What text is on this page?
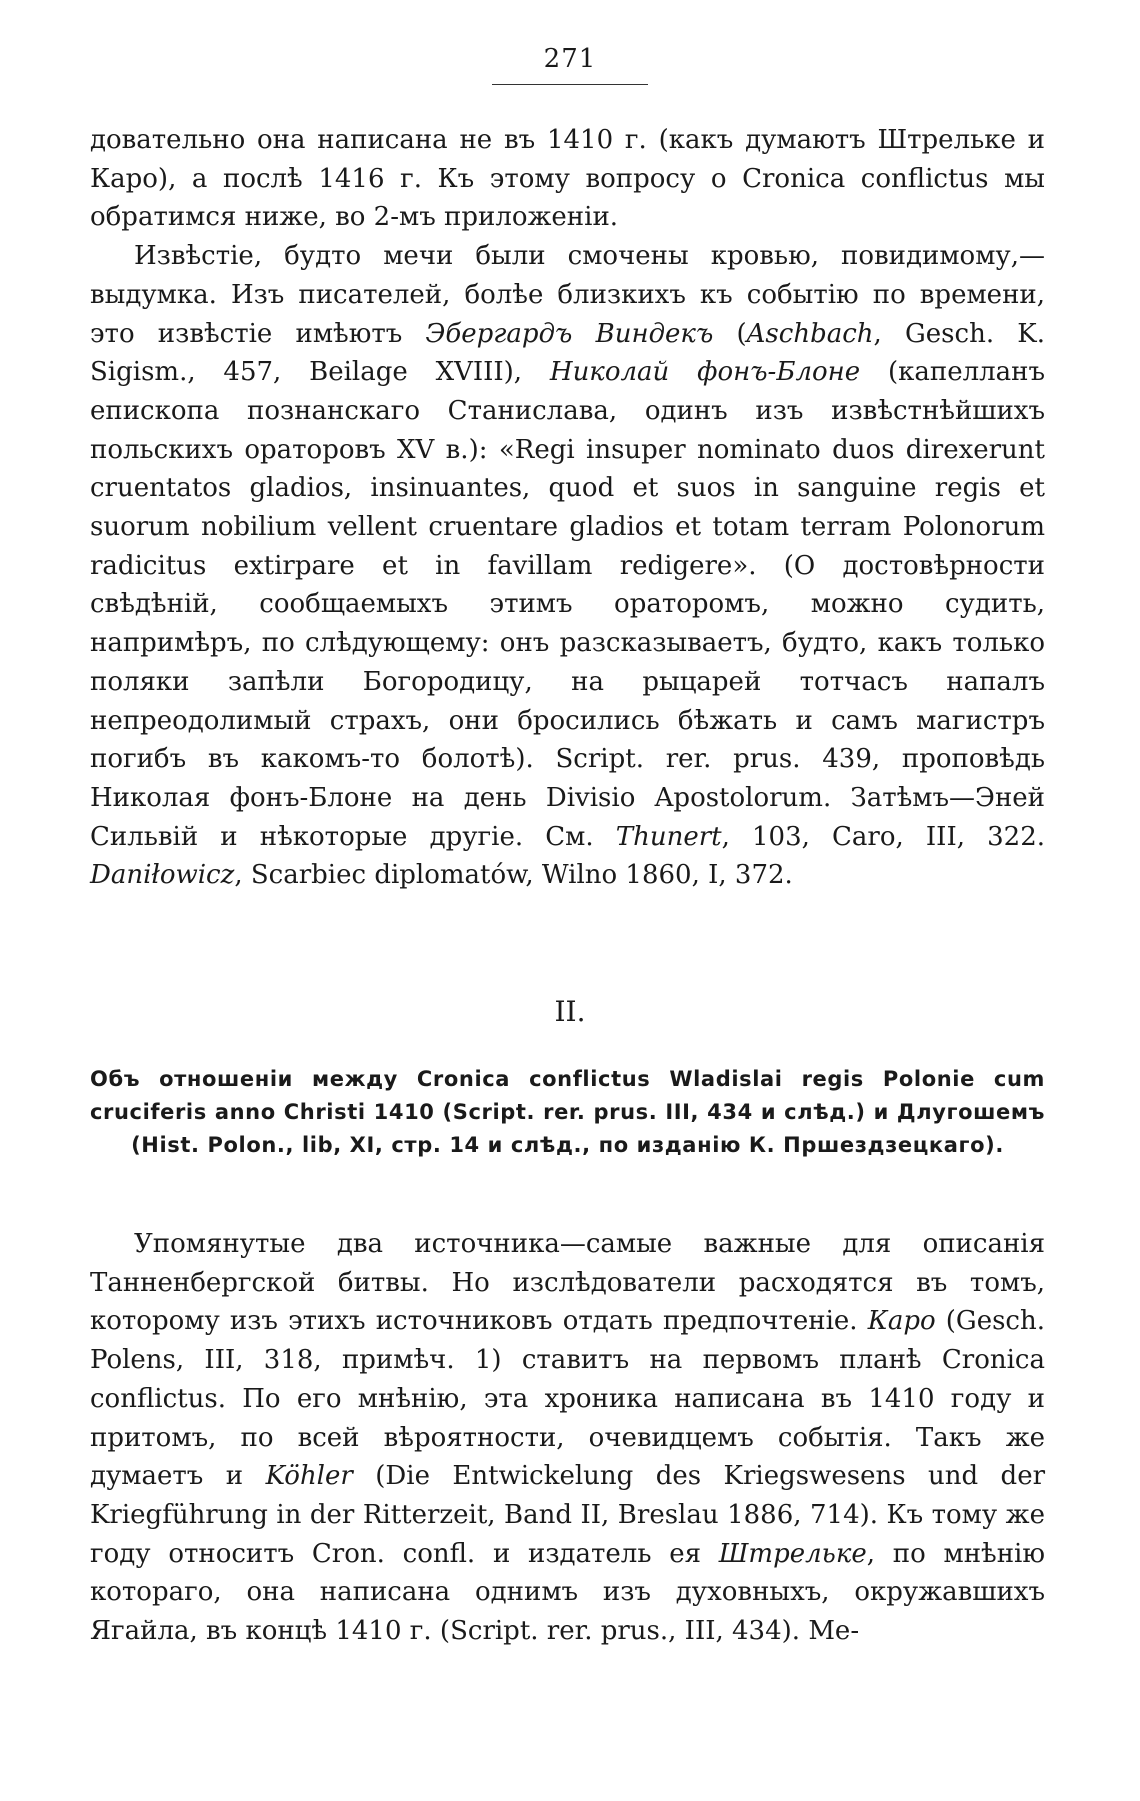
271

довательно она написана не въ 1410 г. (какъ думаютъ Штрельке и Каро), а послѣ 1416 г. Къ этому вопросу о Cronica conflictus мы обратимся ниже, во 2-мъ приложеніи.

Извѣстіе, будто мечи были смочены кровью, повидимому,—выдумка. Изъ писателей, болѣе близкихъ къ событію по времени, это извѣстіе имѣютъ Эбергардъ Виндекъ (Aschbach, Gesch. K. Sigism., 457, Beilage XVIII), Николай фонъ-Блоне (капелланъ епископа познанскаго Станислава, одинъ изъ извѣстнѣйшихъ польскихъ ораторовъ XV в.): «Regi insuper nominato duos direxerunt cruentatos gladios, insinuantes, quod et suos in sanguine regis et suorum nobilium vellent cruentare gladios et totam terram Polonorum radicitus extirpare et in favillam redigere». (О достовѣрности свѣдѣній, сообщаемыхъ этимъ ораторомъ, можно судить, напримѣръ, по слѣдующему: онъ разсказываетъ, будто, какъ только поляки запѣли Богородицу, на рыцарей тотчасъ напалъ непреодолимый страхъ, они бросились бѣжать и самъ магистръ погибъ въ какомъ-то болотѣ). Script. rer. prus. 439, проповѣдь Николая фонъ-Блоне на день Divisio Apostolorum. Затѣмъ—Эней Сильвій и нѣкоторые другіе. См. Thunert, 103, Caro, III, 322. Daniłowicz, Scarbiec diplomatów, Wilno 1860, I, 372.

II.

Объ отношеніи между Cronica conflictus Wladislai regis Polonie cum cruciferis anno Christi 1410 (Script. rer. prus. III, 434 и слѣд.) и Длугошемъ (Hist. Polon., lib, XI, стр. 14 и слѣд., по изданію К. Пршездзецкаго).

Упомянутые два источника—самые важные для описанія Танненбергской битвы. Но изслѣдователи расходятся въ томъ, которому изъ этихъ источниковъ отдать предпочтеніе. Каро (Gesch. Polens, III, 318, примѣч. 1) ставитъ на первомъ планѣ Cronica conflictus. По его мнѣнію, эта хроника написана въ 1410 году и притомъ, по всей вѣроятности, очевидцемъ событія. Такъ же думаетъ и Köhler (Die Entwickelung des Kriegswesens und der Kriegführung in der Ritterzeit, Band II, Breslau 1886, 714). Къ тому же году относитъ Cron. confl. и издатель ея Штрельке, по мнѣнію котораго, она написана однимъ изъ духовныхъ, окружавшихъ Ягайла, въ концѣ 1410 г. (Script. rer. prus., III, 434). Ме-
